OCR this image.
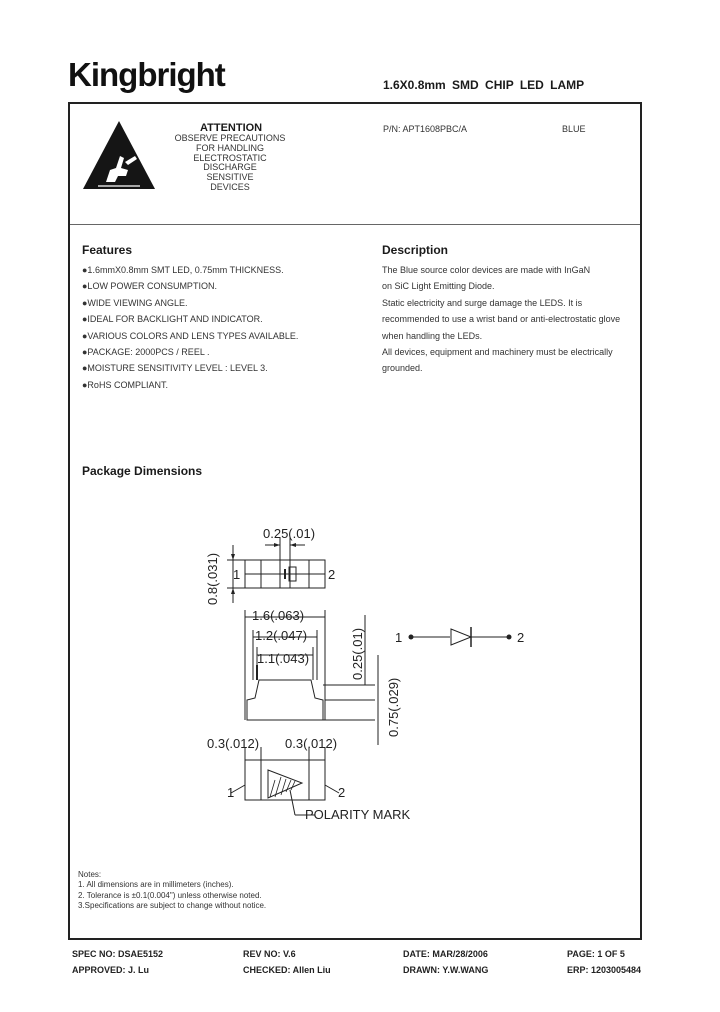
Kingbright	1.6X0.8mm SMD CHIP LED LAMP
ATTENTION
OBSERVE PRECAUTIONS
FOR HANDLING
ELECTROSTATIC
DISCHARGE
SENSITIVE
DEVICES
P/N: APT1608PBC/A	BLUE
Features
●1.6mmX0.8mm SMT LED, 0.75mm THICKNESS.
●LOW POWER CONSUMPTION.
●WIDE VIEWING ANGLE.
●IDEAL FOR BACKLIGHT AND INDICATOR.
●VARIOUS COLORS AND LENS TYPES AVAILABLE.
●PACKAGE: 2000PCS / REEL .
●MOISTURE SENSITIVITY LEVEL : LEVEL 3.
●RoHS COMPLIANT.
Description
The Blue source color devices are made with InGaN
on SiC Light Emitting Diode.
Static electricity and surge damage the LEDS. It is
recommended to use a wrist band or anti-electrostatic glove
when handling the LEDs.
All devices, equipment and machinery must be electrically
grounded.
Package Dimensions
0.25(.01)
0.8(.031) 1	2
1.6(.063)
1.2(.047)
1.1(.043)	0.25(.01)
0.75(.029)
0.3(.012) 0.3(.012)
1	2
POLARITY MARK
1	2
Notes:
1. All dimensions are in millimeters (inches).
2. Tolerance is ±0.1(0.004") unless otherwise noted.
3.Specifications are subject to change without notice.
SPEC NO: DSAE5152	REV NO: V.6	DATE: MAR/28/2006	PAGE: 1 OF 5
APPROVED: J. Lu	CHECKED: Allen Liu	DRAWN: Y.W.WANG	ERP: 1203005484
